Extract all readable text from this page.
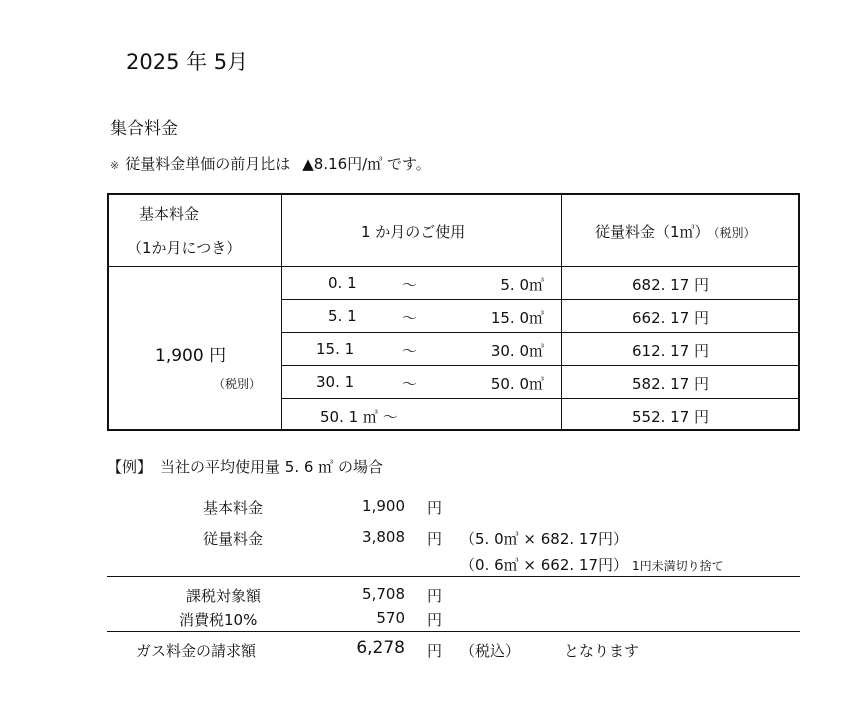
2025 年 5月
集合料金
※ 従量料金単価の前月比は ▲8.16円/㎥ です。
基本料金
（1か月につき）
1 か月のご使用	従量料金（1㎥） （税別）
1,900 円
（税別）
0. 1	～	5. 0㎥	682. 17 円
5. 1	～	15. 0㎥	662. 17 円
15. 1	～	30. 0㎥	612. 17 円
30. 1	～	50. 0㎥	582. 17 円
50. 1 ㎥ ～	552. 17 円
【例】 当社の平均使用量 5. 6 ㎥ の場合
基本料金	1,900 円
従量料金	3,808 円 （5. 0㎥ × 682. 17円）
（0. 6㎥ × 662. 17円） 1円未満切り捨て
課税対象額	5,708 円
消費税10%	570 円
ガス料金の請求額	6,278 円 （税込）	となります
